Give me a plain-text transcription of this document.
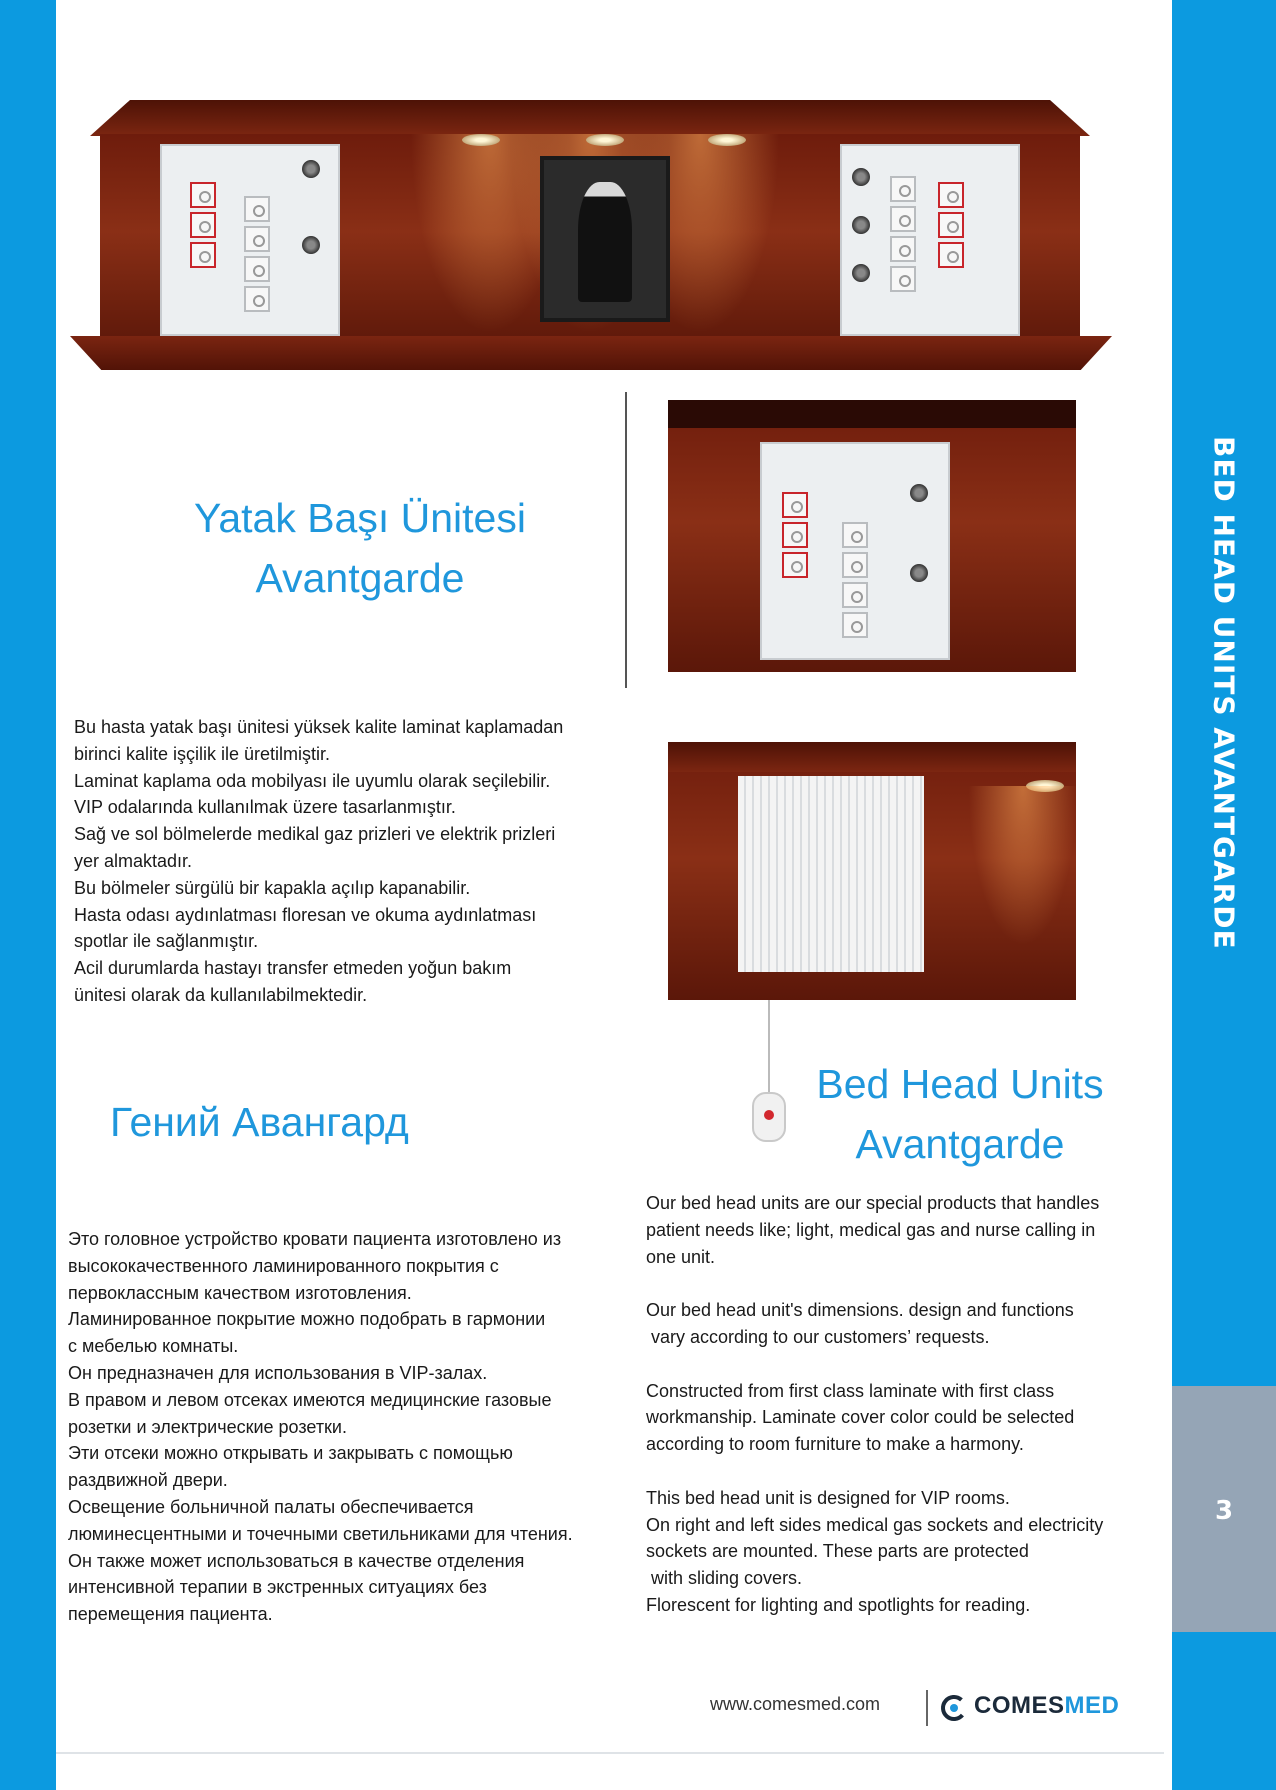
3
BED HEAD UNITS AVANTGARDE
Yatak Başı Ünitesi
Avantgarde
Bu hasta yatak başı ünitesi yüksek kalite laminat kaplamadan
birinci kalite işçilik ile üretilmiştir.
Laminat kaplama oda mobilyası ile uyumlu olarak seçilebilir.
VIP odalarında kullanılmak üzere tasarlanmıştır.
Sağ ve sol bölmelerde medikal gaz prizleri ve elektrik prizleri
yer almaktadır.
Bu bölmeler sürgülü bir kapakla açılıp kapanabilir.
Hasta odası aydınlatması floresan ve okuma aydınlatması
spotlar ile sağlanmıştır.
Acil durumlarda hastayı transfer etmeden yoğun bakım
ünitesi olarak da kullanılabilmektedir.
Гений Авангард
Это головное устройство кровати пациента изготовлено из
высококачественного ламинированного покрытия с
первоклассным качеством изготовления.
Ламинированное покрытие можно подобрать в гармонии
с мебелью комнаты.
Он предназначен для использования в VIP-залах.
В правом и левом отсеках имеются медицинские газовые
розетки и электрические розетки.
Эти отсеки можно открывать и закрывать с помощью
раздвижной двери.
Освещение больничной палаты обеспечивается
люминесцентными и точечными светильниками для чтения.
Он также может использоваться в качестве отделения
интенсивной терапии в экстренных ситуациях без
перемещения пациента.
Bed Head Units
Avantgarde
Our bed head units are our special products that handles
patient needs like; light, medical gas and nurse calling in
one unit.

Our bed head unit's dimensions. design and functions
vary according to our customers’ requests.

Constructed from first class laminate with first class
workmanship. Laminate cover color could be selected
according to room furniture to make a harmony.

This bed head unit is designed for VIP rooms.
On right and left sides medical gas sockets and electricity
sockets are mounted. These parts are protected
with sliding covers.
Florescent for lighting and spotlights for reading.
www.comesmed.com	COMESMED
